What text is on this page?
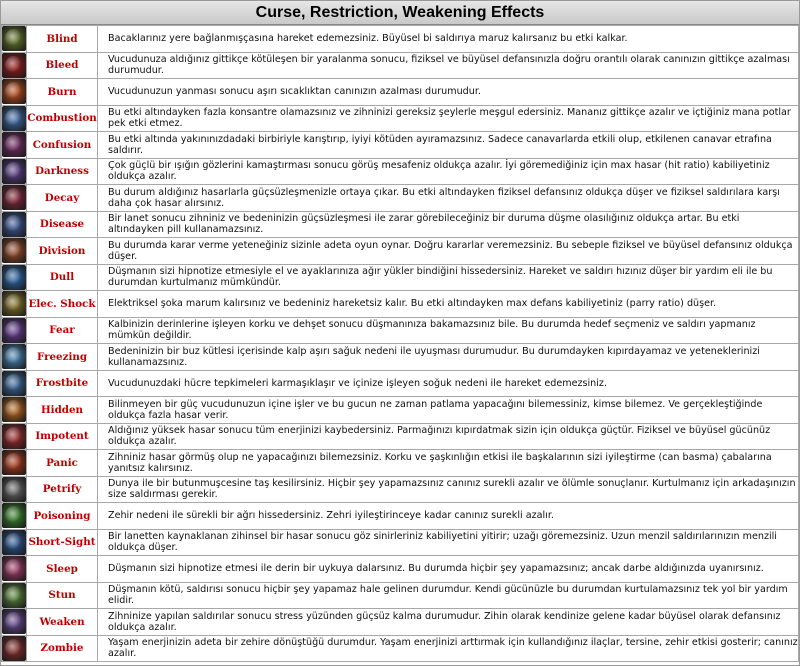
Curse, Restriction, Weakening Effects
	Blind	Bacaklarınız yere bağlanmışçasına hareket edemezsiniz. Büyüsel bi saldırıya maruz kalırsanız bu etki kalkar.

	Bleed	Vucudunuza aldığınız gittikçe kötüleşen bir yaralanma sonucu, fiziksel ve büyüsel defansınızla doğru orantılı olarak canınızın gittikçe azalması durumudur.

	Burn	Vucudunuzun yanması sonucu aşırı sıcaklıktan canınızın azalması durumudur.

	Combustion	Bu etki altındayken fazla konsantre olamazsınız ve zihninizi gereksiz şeylerle meşgul edersiniz. Mananız gittikçe azalır ve içtiğiniz mana potlar pek etki etmez.

	Confusion	Bu etki altında yakınınızdadaki birbiriyle karıştırıp, iyiyi kötüden ayıramazsınız. Sadece canavarlarda etkili olup, etkilenen canavar etrafına saldırır.

	Darkness	Çok güçlü bir ışığın gözlerini kamaştırması sonucu görüş mesafeniz oldukça azalır. İyi göremediğiniz için max hasar (hit ratio) kabiliyetiniz oldukça azalır.

	Decay	Bu durum aldığınız hasarlarla güçsüzleşmenizle ortaya çıkar. Bu etki altındayken fiziksel defansınız oldukça düşer ve fiziksel saldırılara karşı daha çok hasar alırsınız.

	Disease	Bir lanet sonucu zihniniz ve bedeninizin güçsüzleşmesi ile zarar görebileceğiniz bir duruma düşme olasılığınız oldukça artar. Bu etki altındayken pill kullanamazsınız.

	Division	Bu durumda karar verme yeteneğiniz sizinle adeta oyun oynar. Doğru kararlar veremezsiniz. Bu sebeple fiziksel ve büyüsel defansınız oldukça düşer.

	Dull	Düşmanın sizi hipnotize etmesiyle el ve ayaklarınıza ağır yükler bindiğini hissedersiniz. Hareket ve saldırı hızınız düşer bir yardım eli ile bu durumdan kurtulmanız mümkündür.

	Elec. Shock	Elektriksel şoka marum kalırsınız ve bedeniniz hareketsiz kalır. Bu etki altındayken max defans kabiliyetiniz (parry ratio) düşer.

	Fear	Kalbinizin derinlerine işleyen korku ve dehşet sonucu düşmanınıza bakamazsınız bile. Bu durumda hedef seçmeniz ve saldırı yapmanız mümkün değildir.

	Freezing	Bedeninizin bir buz kütlesi içerisinde kalp aşırı sağuk nedeni ile uyuşması durumudur. Bu durumdayken kıpırdayamaz ve yeteneklerinizi kullanamazsınız.

	Frostbite	Vucudunuzdaki hücre tepkimeleri karmaşıklaşır ve içinize işleyen soğuk nedeni ile hareket edemezsiniz.

	Hidden	Bilinmeyen bir güç vucudunuzun içine işler ve bu gucun ne zaman patlama yapacağını bilemessiniz, kimse bilemez. Ve gerçekleştiğinde oldukça fazla hasar verir.

	Impotent	Aldığınız yüksek hasar sonucu tüm enerjinizi kaybedersiniz. Parmağınızı kıpırdatmak sizin için oldukça güçtür. Fiziksel ve büyüsel gücünüz oldukça azalır.

	Panic	Zihniniz hasar görmüş olup ne yapacağınızı bilemezsiniz. Korku ve şaşkınlığın etkisi ile başkalarının sizi iyileştirme (can basma) çabalarına yanıtsız kalırsınız.

	Petrify	Dunya ile bir butunmuşcesine taş kesilirsiniz. Hiçbir şey yapamazsınız canınız surekli azalır ve ölümle sonuçlanır. Kurtulmanız için arkadaşınızın size saldırması gerekir.

	Poisoning	Zehir nedeni ile sürekli bir ağrı hissedersiniz. Zehri iyileştirinceye kadar canınız surekli azalır.

	Short-Sight	Bir lanetten kaynaklanan zihinsel bir hasar sonucu göz sinirleriniz kabiliyetini yitirir; uzağı göremezsiniz. Uzun menzil saldırılarınızın menzili oldukça düşer.

	Sleep	Düşmanın sizi hipnotize etmesi ile derin bir uykuya dalarsınız. Bu durumda hiçbir şey yapamazsınız; ancak darbe aldığınızda uyanırsınız.

	Stun	Düşmanın kötü, saldırısı sonucu hiçbir şey yapamaz hale gelinen durumdur. Kendi gücünüzle bu durumdan kurtulamazsınız tek yol bir yardım elidir.

	Weaken	Zihninize yapılan saldırılar sonucu stress yüzünden güçsüz kalma durumudur. Zihin olarak kendinize gelene kadar büyüsel olarak defansınız oldukça azalır.

	Zombie	Yaşam enerjinizin adeta bir zehire dönüştüğü durumdur. Yaşam enerjinizi arttırmak için kullandığınız ilaçlar, tersine, zehir etkisi gosterir; canınız azalır.
